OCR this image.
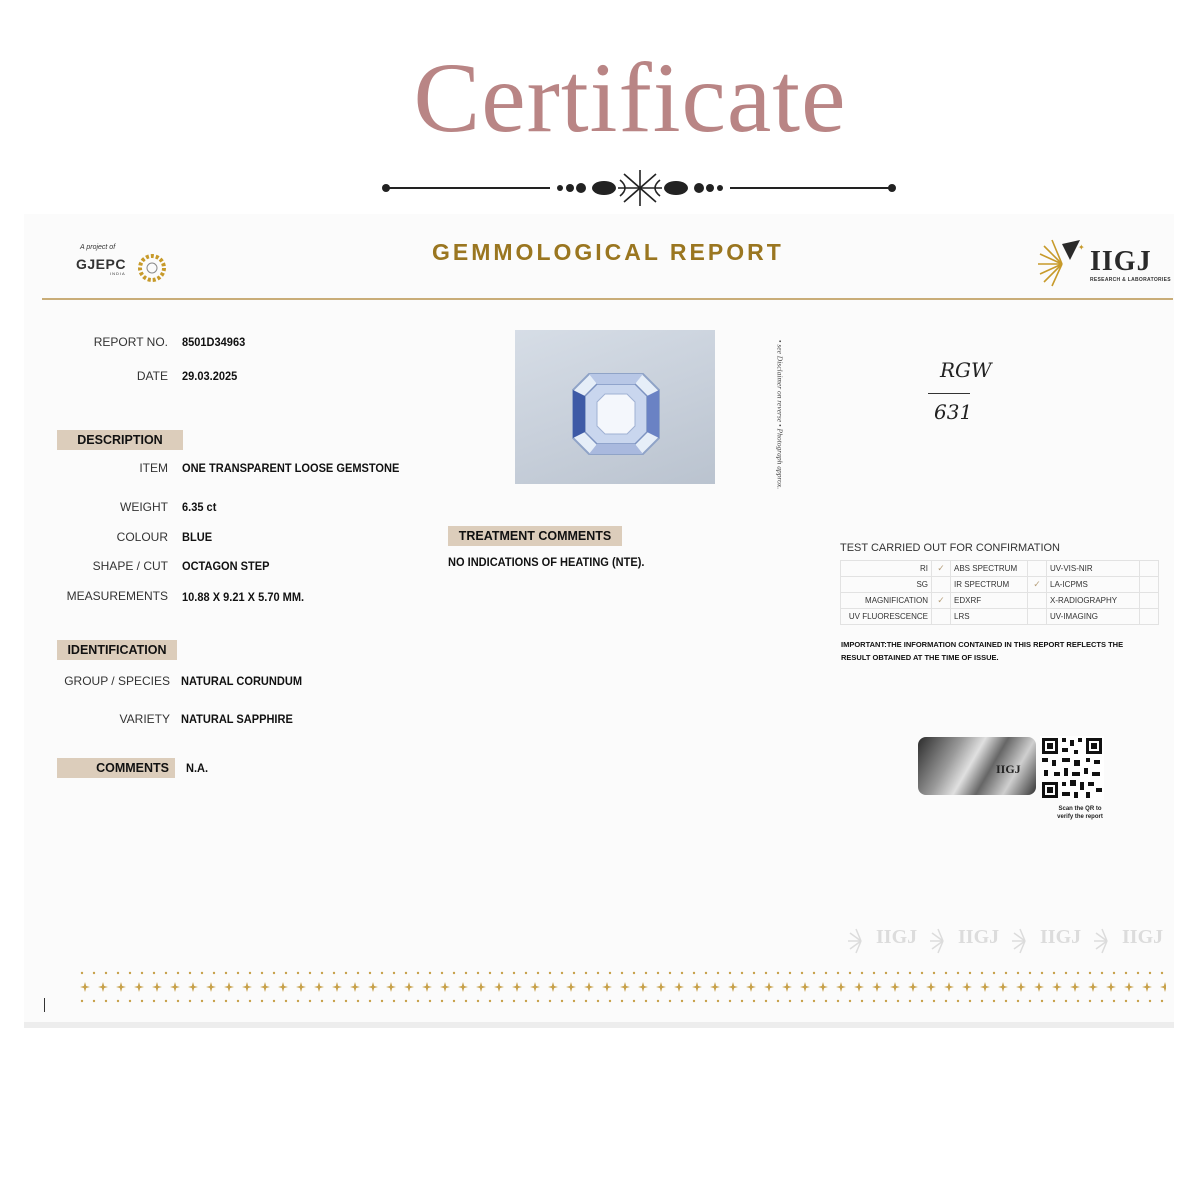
Certificate
A project of
GJEPC
INDIA
GEMMOLOGICAL REPORT	✦ IIGJ
RESEARCH & LABORATORIES
REPORT NO. 8501D34963
DATE 29.03.2025
DESCRIPTION
ITEM ONE TRANSPARENT LOOSE GEMSTONE
WEIGHT 6.35 ct
COLOUR BLUE
SHAPE / CUT OCTAGON STEP
MEASUREMENTS 10.88 X 9.21 X 5.70 MM.
IDENTIFICATION
GROUP / SPECIES NATURAL CORUNDUM
VARIETY NATURAL SAPPHIRE
COMMENTS	N.A.
• see Disclaimer on reverse • Photograph approx.	RGW
631
TREATMENT COMMENTS
NO INDICATIONS OF HEATING (NTE).
TEST CARRIED OUT FOR CONFIRMATION
RI	✓	ABS SPECTRUM		UV-VIS-NIR	
SG		IR SPECTRUM	✓	LA-ICPMS	
MAGNIFICATION	✓	EDXRF		X-RADIOGRAPHY	
UV FLUORESCENCE		LRS		UV-IMAGING	
IMPORTANT:THE INFORMATION CONTAINED IN THIS REPORT REFLECTS THE RESULT OBTAINED AT THE TIME OF ISSUE.
IIGJ
Scan the QR to verify the report
IIGJ IIGJ IIGJ IIGJ
